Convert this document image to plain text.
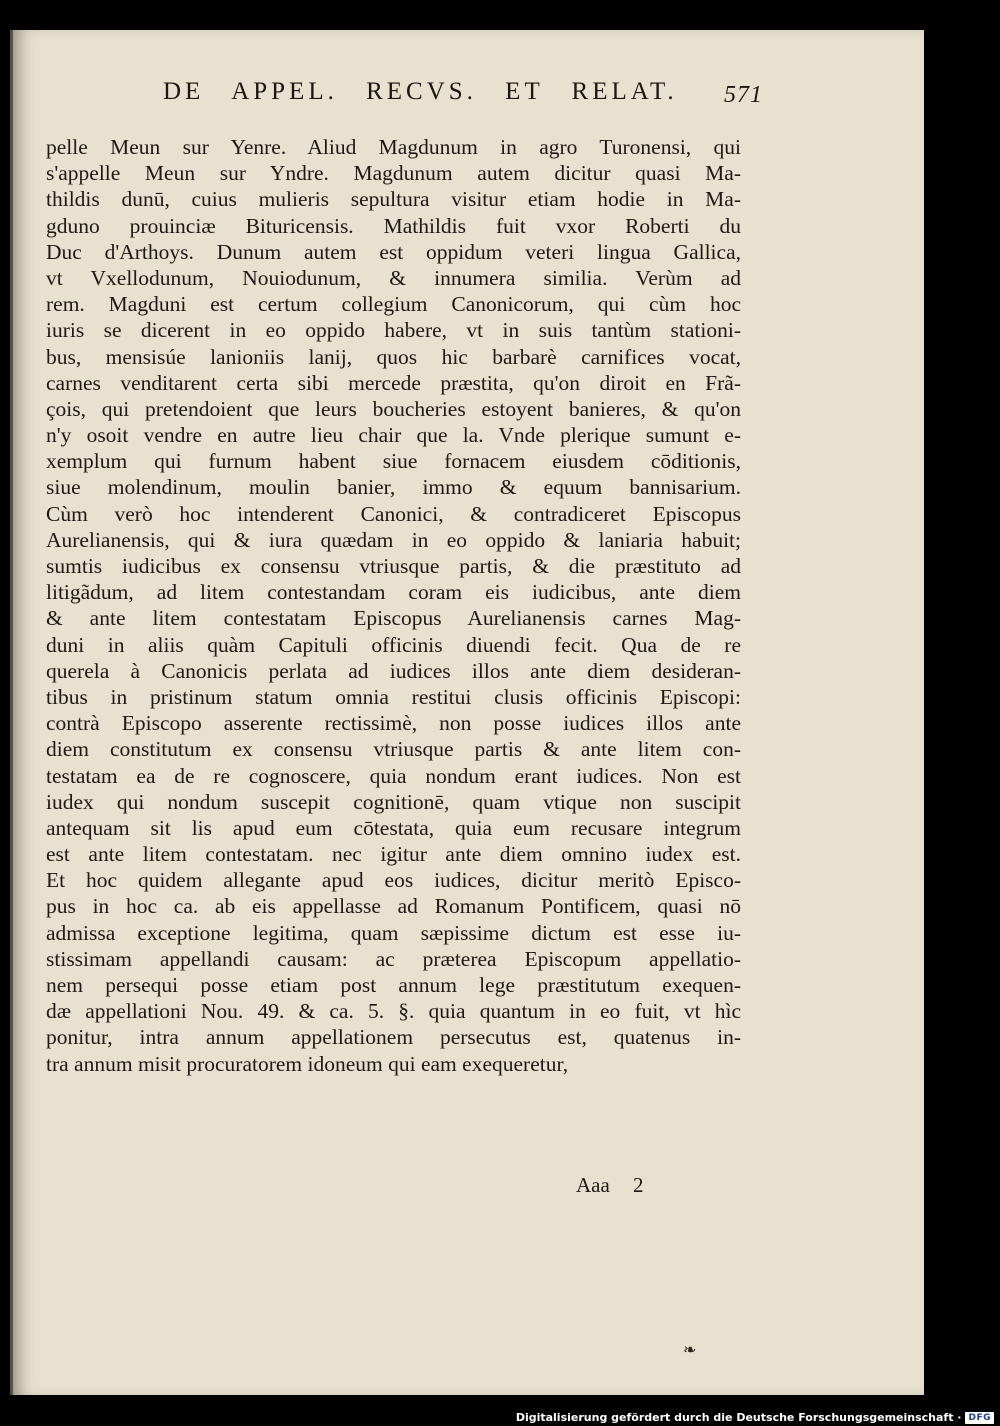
DE APPEL. RECVS. ET RELAT. 571
pelle Meun sur Yenre. Aliud Magdunum in agro Turonensi, qui
s'appelle Meun sur Yndre. Magdunum autem dicitur quasi Ma-
thildis dunū, cuius mulieris sepultura visitur etiam hodie in Ma-
gduno prouinciæ Bituricensis. Mathildis fuit vxor Roberti du
Duc d'Arthoys. Dunum autem est oppidum veteri lingua Gallica,
vt Vxellodunum, Nouiodunum, & innumera similia. Verùm ad
rem. Magduni est certum collegium Canonicorum, qui cùm hoc
iuris se dicerent in eo oppido habere, vt in suis tantùm stationi-
bus, mensisúe lanioniis lanij, quos hic barbarè carnifices vocat,
carnes venditarent certa sibi mercede præstita, qu'on diroit en Frã-
çois, qui pretendoient que leurs boucheries estoyent banieres, & qu'on
n'y osoit vendre en autre lieu chair que la. Vnde plerique sumunt e-
xemplum qui furnum habent siue fornacem eiusdem cōditionis,
siue molendinum, moulin banier, immo & equum bannisarium.
Cùm verò hoc intenderent Canonici, & contradiceret Episcopus
Aurelianensis, qui & iura quædam in eo oppido & laniaria habuit;
sumtis iudicibus ex consensu vtriusque partis, & die præstituto ad
litigãdum, ad litem contestandam coram eis iudicibus, ante diem
& ante litem contestatam Episcopus Aurelianensis carnes Mag-
duni in aliis quàm Capituli officinis diuendi fecit. Qua de re
querela à Canonicis perlata ad iudices illos ante diem desideran-
tibus in pristinum statum omnia restitui clusis officinis Episcopi:
contrà Episcopo asserente rectissimè, non posse iudices illos ante
diem constitutum ex consensu vtriusque partis & ante litem con-
testatam ea de re cognoscere, quia nondum erant iudices. Non est
iudex qui nondum suscepit cognitionē, quam vtique non suscipit
antequam sit lis apud eum cōtestata, quia eum recusare integrum
est ante litem contestatam. nec igitur ante diem omnino iudex est.
Et hoc quidem allegante apud eos iudices, dicitur meritò Episco-
pus in hoc ca. ab eis appellasse ad Romanum Pontificem, quasi nō
admissa exceptione legitima, quam sæpissime dictum est esse iu-
stissimam appellandi causam: ac præterea Episcopum appellatio-
nem persequi posse etiam post annum lege præstitutum exequen-
dæ appellationi Nou. 49. & ca. 5. §. quia quantum in eo fuit, vt hìc
ponitur, intra annum appellationem persecutus est, quatenus in-
tra annum misit procuratorem idoneum qui eam exequeretur,
Aaa 2
❧
Digitalisierung gefördert durch die Deutsche Forschungsgemeinschaft · DFG
